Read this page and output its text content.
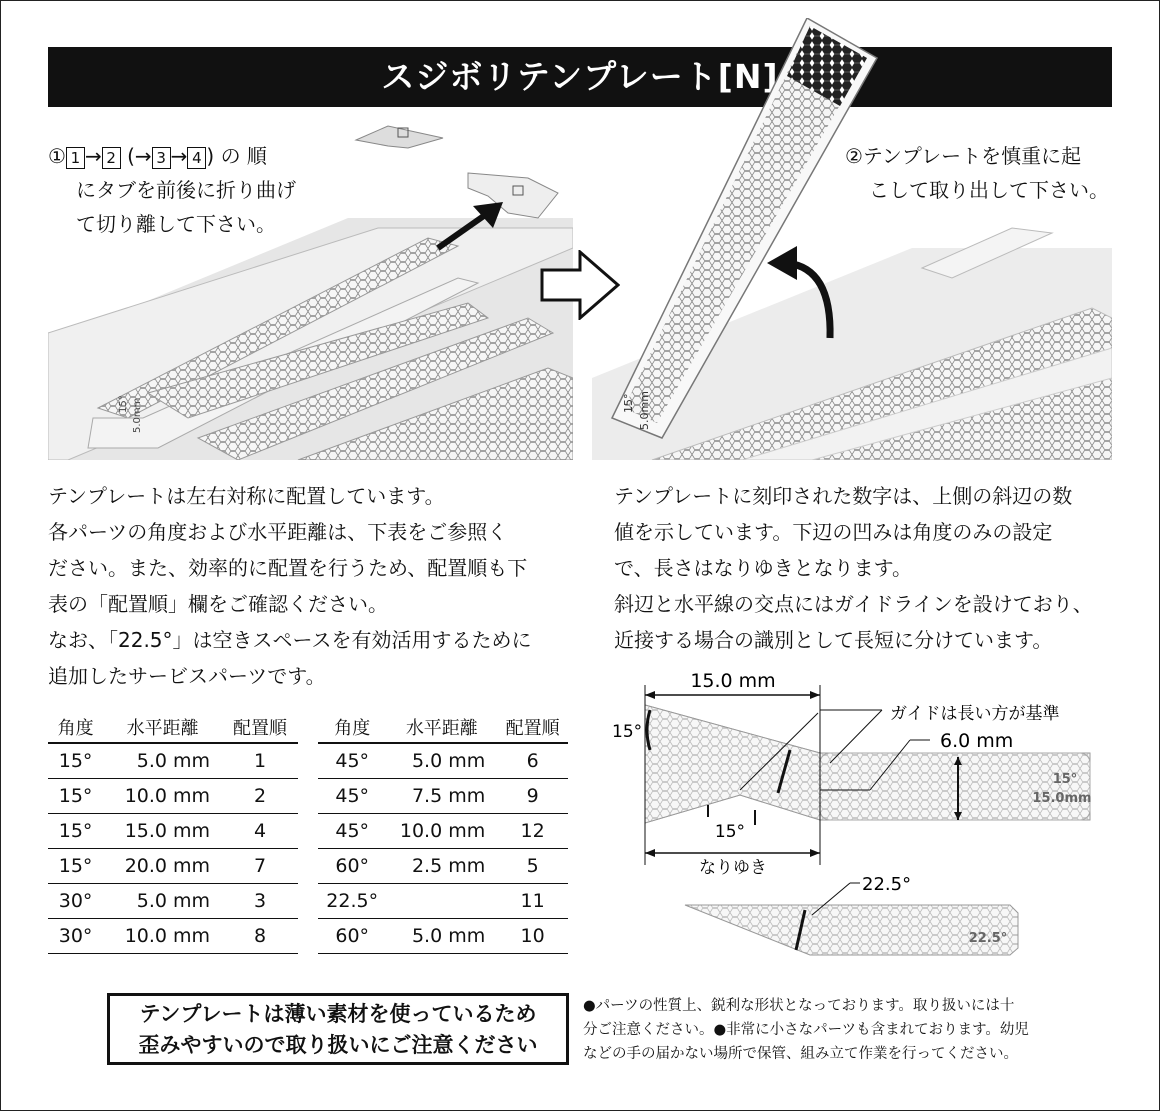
スジボリテンプレート[N]
① 1 → 2 (→ 3 → 4 ) の 順
にタブを前後に折り曲げ
て切り離して下さい。
②テンプレートを慎重に起
こして取り出して下さい。
15° 5.0mm	15° 5.0mm

テンプレートは左右対称に配置しています。

各パーツの角度および水平距離は、下表をご参照く

ださい。また、効率的に配置を行うため、配置順も下

表の「配置順」欄をご確認ください。

なお、「22.5°」は空きスペースを有効活用するために

追加したサービスパーツです。

テンプレートに刻印された数字は、上側の斜辺の数

値を示しています。下辺の凹みは角度のみの設定

で、長さはなりゆきとなります。

斜辺と水平線の交点にはガイドラインを設けており、

近接する場合の識別として長短に分けています。

角度	水平距離	配置順
15°	5.0 mm	1
15°	10.0 mm	2
15°	15.0 mm	4
15°	20.0 mm	7
30°	5.0 mm	3
30°	10.0 mm	8
角度	水平距離	配置順
45°	5.0 mm	6
45°	7.5 mm	9
45°	10.0 mm	12
60°	2.5 mm	5
22.5°		11
60°	5.0 mm	10
15.0 mm
なりゆき
15°
15°
ガイドは長い方が基準
6.0 mm
15°
15.0mm
22.5°
22.5°
テンプレートは薄い素材を使っているため
歪みやすいので取り扱いにご注意ください
●パーツの性質上、鋭利な形状となっております。取り扱いには十
分ご注意ください。●非常に小さなパーツも含まれております。幼児
などの手の届かない場所で保管、組み立て作業を行ってください。
